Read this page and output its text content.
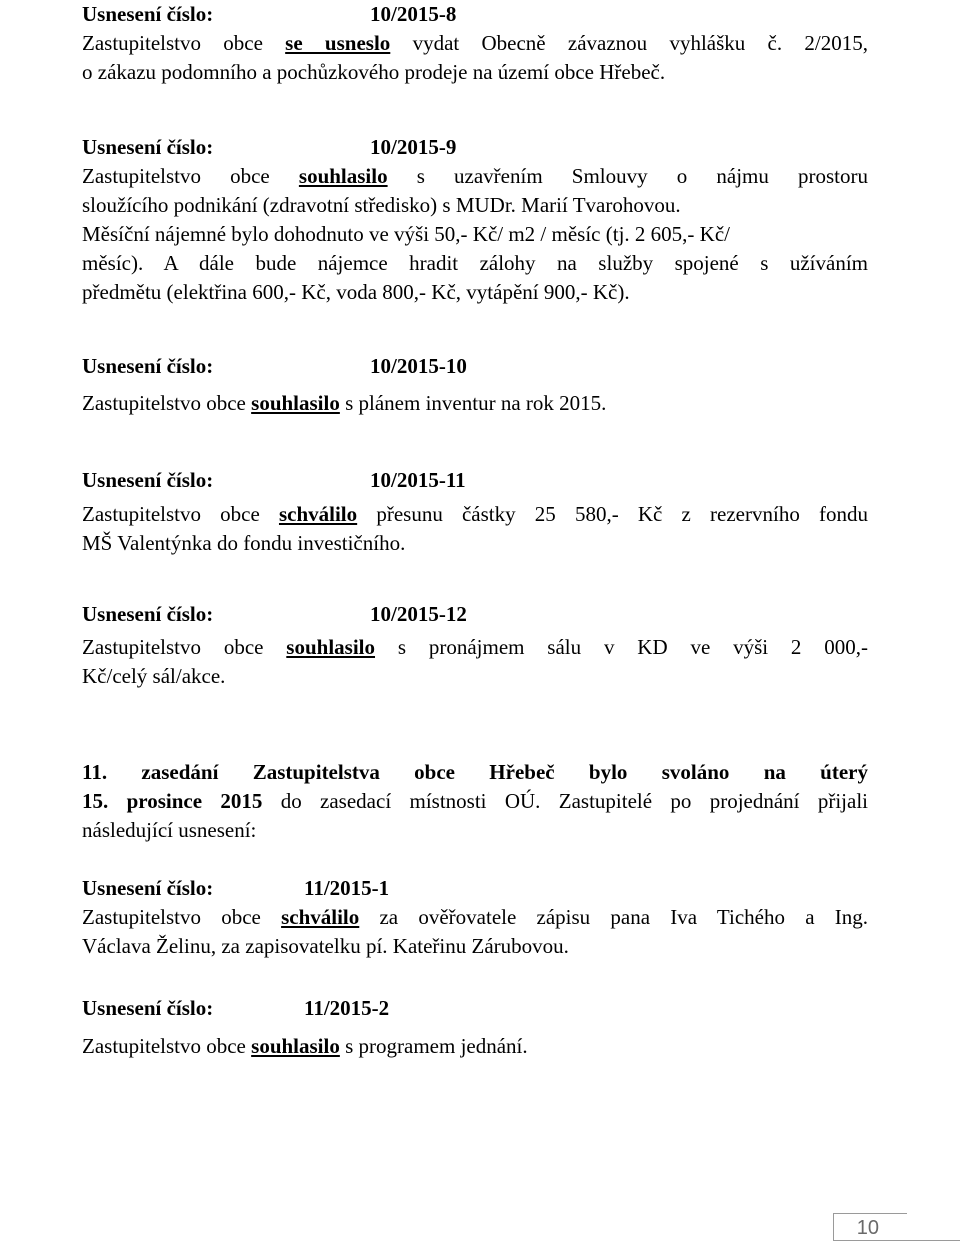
Usnesení číslo:	10/2015-8
Zastupitelstvo obce se usneslo vydat Obecně závaznou vyhlášku č. 2/2015,
o zákazu podomního a pochůzkového prodeje na území obce Hřebeč.
Usnesení číslo:	10/2015-9
Zastupitelstvo obce souhlasilo s uzavřením Smlouvy o nájmu prostoru
sloužícího podnikání (zdravotní středisko) s MUDr. Marií Tvarohovou.
Měsíční nájemné bylo dohodnuto ve výši 50,- Kč/ m2 / měsíc (tj. 2 605,- Kč/
měsíc). A dále bude nájemce hradit zálohy na služby spojené s užíváním
předmětu (elektřina 600,- Kč, voda 800,- Kč, vytápění 900,- Kč).
Usnesení číslo:	10/2015-10
Zastupitelstvo obce souhlasilo s plánem inventur na rok 2015.
Usnesení číslo:	10/2015-11
Zastupitelstvo obce schválilo přesunu částky 25 580,- Kč z rezervního fondu
MŠ Valentýnka do fondu investičního.
Usnesení číslo:	10/2015-12
Zastupitelstvo obce souhlasilo s pronájmem sálu v KD ve výši 2 000,-
Kč/celý sál/akce.
11. zasedání Zastupitelstva obce Hřebeč bylo svoláno na úterý
15. prosince 2015 do zasedací místnosti OÚ. Zastupitelé po projednání přijali
následující usnesení:
Usnesení číslo:	11/2015-1
Zastupitelstvo obce schválilo za ověřovatele zápisu pana Iva Tichého a Ing.
Václava Želinu, za zapisovatelku pí. Kateřinu Zárubovou.
Usnesení číslo:	11/2015-2
Zastupitelstvo obce souhlasilo s programem jednání.
10
